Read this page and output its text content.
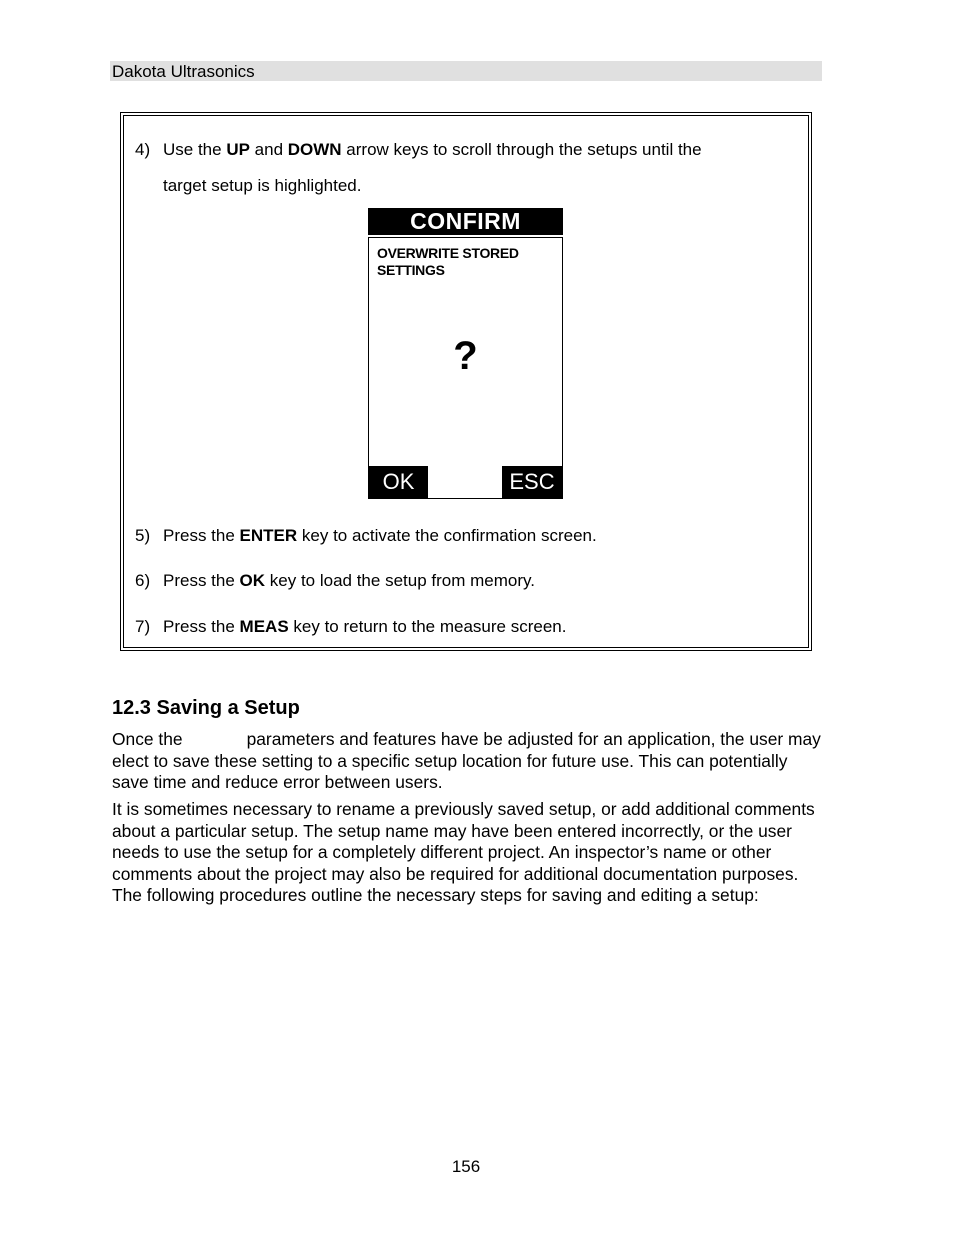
Dakota Ultrasonics
4) Use the UP and DOWN arrow keys to scroll through the setups until the
target setup is highlighted.
CONFIRM
OVERWRITE STORED
SETTINGS
?
OK	ESC
5) Press the ENTER key to activate the confirmation screen.
6) Press the OK key to load the setup from memory.
7) Press the MEAS key to return to the measure screen.
12.3 Saving a Setup
Once the	parameters and features have be adjusted for an application, the user may elect to save these setting to a specific setup location for future use. This can potentially save time and reduce error between users.
It is sometimes necessary to rename a previously saved setup, or add additional comments about a particular setup. The setup name may have been entered incorrectly, or the user needs to use the setup for a completely different project. An inspector’s name or other comments about the project may also be required for additional documentation purposes. The following procedures outline the necessary steps for saving and editing a setup:
156
